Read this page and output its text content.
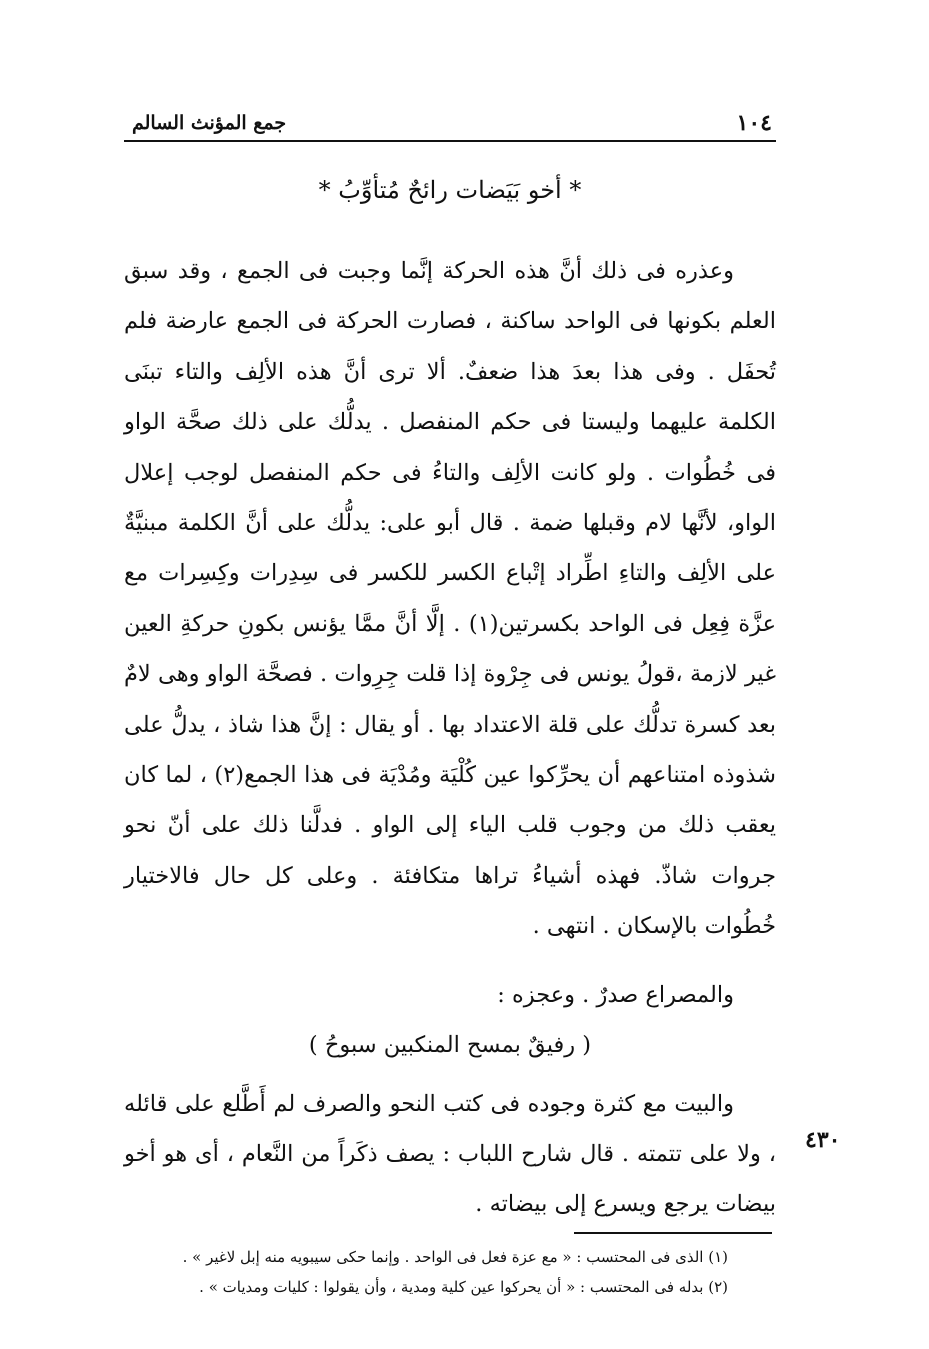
١٠٤
جمع المؤنث السالم
* أخو بَيَضات رائحٌ مُتأوِّبُ *

وعذره فى ذلك أنَّ هذه الحركة إنَّما وجبت فى الجمع ، وقد سبق العلم بكونها فى الواحد ساكنة ، فصارت الحركة فى الجمع عارضة فلم تُحفَل . وفى هذا بعدَ هذا ضعفٌ. ألا ترى أنَّ هذه الألِف والتاء تبنَى الكلمة عليهما وليستا فى حكم المنفصل . يدلُّك على ذلك صحَّة الواو فى خُطُوات . ولو كانت الألِف والتاءُ فى حكم المنفصل لوجب إعلال الواو، لأنَّها لام وقبلها ضمة . قال أبو على: يدلُّك على أنَّ الكلمة مبنيَّةٌ على الألِف والتاءِ اطِّراد إتْباع الكسر للكسر فى سِدِرات وكِسِرات مع عزَّة فِعِل فى الواحد بكسرتين(١) . إلَّا أنَّ ممَّا يؤنس بكونِ حركةِ العين غير لازمة ،قولُ يونس فى جِرْوة إذا قلت جِرِوات . فصحَّة الواو وهى لامٌ بعد كسرة تدلُّك على قلة الاعتداد بها . أو يقال : إنَّ هذا شاذ ، يدلُّ على شذوذه امتناعهم أن يحرِّكوا عين كُلْيَة ومُدْيَة فى هذا الجمع(٢) ، لما كان يعقب ذلك من وجوب قلب الياء إلى الواو . فدلَّنا ذلك على أنّ نحو جروات شاذّ. فهذه أشياءُ تراها متكافئة . وعلى كل حال فالاختيار خُطُوات بالإسكان . انتهى .

والمصراع صدرٌ . وعجزه :

( رفيقٌ بمسح المنكبين سبوحُ )

والبيت مع كثرة وجوده فى كتب النحو والصرف لم أَطَّلع على قائله ، ولا على تتمته . قال شارح اللباب : يصف ذكَراً من النَّعام ، أى هو أخو بيضات يرجع ويسرع إلى بيضاته .

٤٣٠

(١) الذى فى المحتسب : « مع عزة فعل فى الواحد . وإنما حكى سيبويه منه إبل لاغير » .

(٢) بدله فى المحتسب : « أن يحركوا عين كلية ومدية ، وأن يقولوا : كليات ومديات » .
